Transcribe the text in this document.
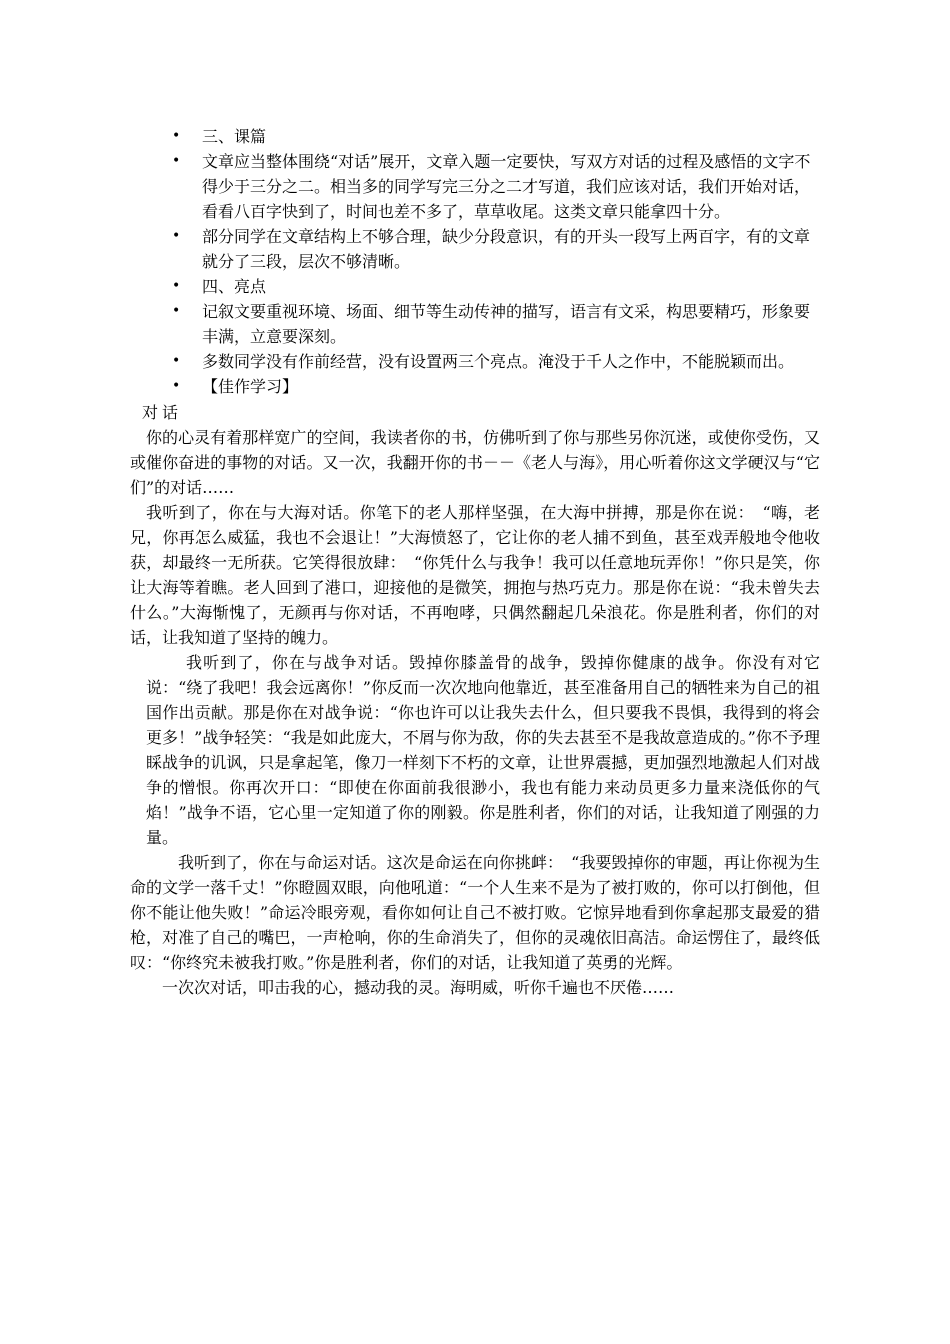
• 三、课篇
• 文章应当整体围绕“对话”展开，文章入题一定要快，写双方对话的过程及感悟的文字不得少于三分之二。相当多的同学写完三分之二才写道，我们应该对话，我们开始对话，看看八百字快到了，时间也差不多了，草草收尾。这类文章只能拿四十分。
• 部分同学在文章结构上不够合理，缺少分段意识，有的开头一段写上两百字，有的文章就分了三段，层次不够清晰。
• 四、亮点
• 记叙文要重视环境、场面、细节等生动传神的描写，语言有文采，构思要精巧，形象要丰满，立意要深刻。
• 多数同学没有作前经营，没有设置两三个亮点。淹没于千人之作中，不能脱颖而出。
• 【佳作学习】

对话

你的心灵有着那样宽广的空间，我读者你的书，仿佛听到了你与那些另你沉迷，或使你受伤，又或催你奋进的事物的对话。又一次，我翻开你的书－－《老人与海》，用心听着你这文学硬汉与“它们”的对话……

我听到了，你在与大海对话。你笔下的老人那样坚强，在大海中拼搏，那是你在说：　“嗨，老兄，你再怎么威猛，我也不会退让！”大海愤怒了，它让你的老人捕不到鱼，甚至戏弄般地令他收获，却最终一无所获。它笑得很放肆：　“你凭什么与我争！我可以任意地玩弄你！”你只是笑，你让大海等着瞧。老人回到了港口，迎接他的是微笑，拥抱与热巧克力。那是你在说：“我未曾失去什么。”大海惭愧了，无颜再与你对话，不再咆哮，只偶然翻起几朵浪花。你是胜利者，你们的对话，让我知道了坚持的魄力。

我听到了，你在与战争对话。毁掉你膝盖骨的战争，毁掉你健康的战争。你没有对它说：“绕了我吧！我会远离你！”你反而一次次地向他靠近，甚至准备用自己的牺牲来为自己的祖国作出贡献。那是你在对战争说：“你也许可以让我失去什么，但只要我不畏惧，我得到的将会更多！”战争轻笑：“我是如此庞大，不屑与你为敌，你的失去甚至不是我故意造成的。”你不予理睬战争的讥讽，只是拿起笔，像刀一样刻下不朽的文章，让世界震撼，更加强烈地激起人们对战争的憎恨。你再次开口：“即使在你面前我很渺小，我也有能力来动员更多力量来浇低你的气焰！”战争不语，它心里一定知道了你的刚毅。你是胜利者，你们的对话，让我知道了刚强的力量。

我听到了，你在与命运对话。这次是命运在向你挑衅：　“我要毁掉你的审题，再让你视为生命的文学一落千丈！”你瞪圆双眼，向他吼道：“一个人生来不是为了被打败的，你可以打倒他，但你不能让他失败！”命运冷眼旁观，看你如何让自己不被打败。它惊异地看到你拿起那支最爱的猎枪，对准了自己的嘴巴，一声枪响，你的生命消失了，但你的灵魂依旧高洁。命运愣住了，最终低叹：“你终究未被我打败。”你是胜利者，你们的对话，让我知道了英勇的光辉。

一次次对话，叩击我的心，撼动我的灵。海明威，听你千遍也不厌倦……
